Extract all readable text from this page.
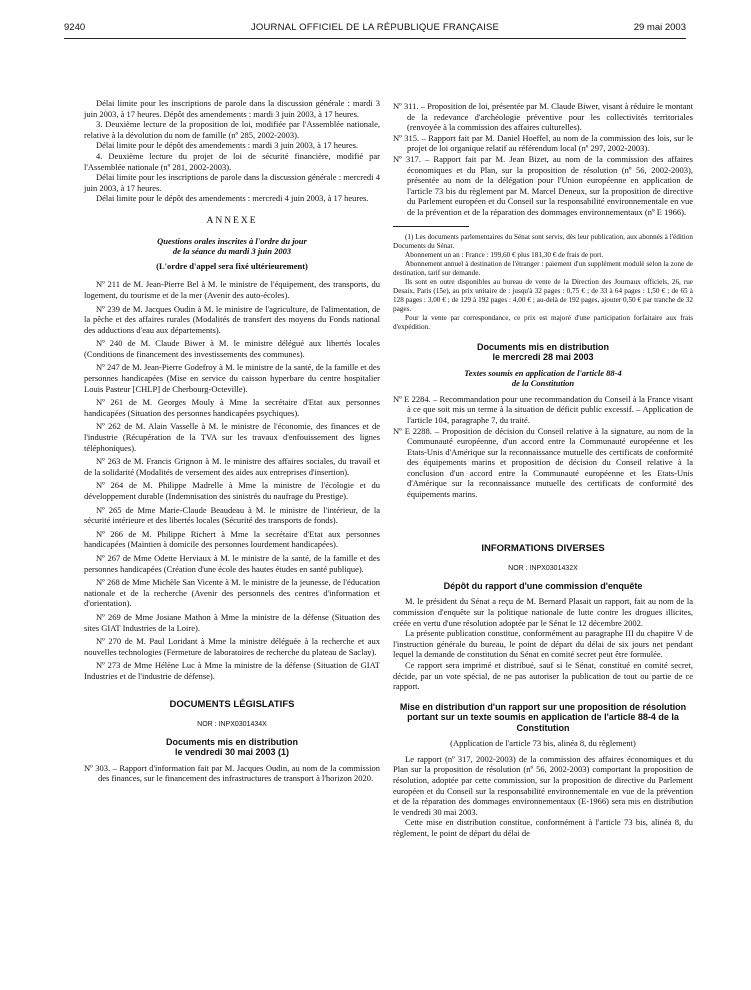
9240	JOURNAL OFFICIEL DE LA RÉPUBLIQUE FRANÇAISE	29 mai 2003

Délai limite pour les inscriptions de parole dans la discussion générale : mardi 3 juin 2003, à 17 heures. Dépôt des amendements : mardi 3 juin 2003, à 17 heures.

3. Deuxième lecture de la proposition de loi, modifiée par l'Assemblée nationale, relative à la dévolution du nom de famille (nº 285, 2002-2003).

Délai limite pour le dépôt des amendements : mardi 3 juin 2003, à 17 heures.

4. Deuxième lecture du projet de loi de sécurité financière, modifié par l'Assemblée nationale (nº 281, 2002-2003).

Délai limite pour les inscriptions de parole dans la discussion générale : mercredi 4 juin 2003, à 17 heures.

Délai limite pour le dépôt des amendements : mercredi 4 juin 2003, à 17 heures.

ANNEXE
Questions orales inscrites à l'ordre du jour
de la séance du mardi 3 juin 2003
(L'ordre d'appel sera fixé ultérieurement)

Nº 211 de M. Jean-Pierre Bel à M. le ministre de l'équipement, des transports, du logement, du tourisme et de la mer (Avenir des auto-écoles).

Nº 239 de M. Jacques Oudin à M. le ministre de l'agriculture, de l'alimentation, de la pêche et des affaires rurales (Modalités de transfert des moyens du Fonds national des adductions d'eau aux départements).

Nº 240 de M. Claude Biwer à M. le ministre délégué aux libertés locales (Conditions de financement des investissements des communes).

Nº 247 de M. Jean-Pierre Godefroy à M. le ministre de la santé, de la famille et des personnes handicapées (Mise en service du caisson hyperbare du centre hospitalier Louis Pasteur [CHLP] de Cherbourg-Octeville).

Nº 261 de M. Georges Mouly à Mme la secrétaire d'Etat aux personnes handicapées (Situation des personnes handicapées psychiques).

Nº 262 de M. Alain Vasselle à M. le ministre de l'économie, des finances et de l'industrie (Récupération de la TVA sur les travaux d'enfouissement des lignes téléphoniques).

Nº 263 de M. Francis Grignon à M. le ministre des affaires sociales, du travail et de la solidarité (Modalités de versement des aides aux entreprises d'insertion).

Nº 264 de M. Philippe Madrelle à Mme la ministre de l'écologie et du développement durable (Indemnisation des sinistrés du naufrage du Prestige).

Nº 265 de Mme Marie-Claude Beaudeau à M. le ministre de l'intérieur, de la sécurité intérieure et des libertés locales (Sécurité des transports de fonds).

Nº 266 de M. Philippe Richert à Mme la secrétaire d'Etat aux personnes handicapées (Maintien à domicile des personnes lourdement handicapées).

Nº 267 de Mme Odette Herviaux à M. le ministre de la santé, de la famille et des personnes handicapées (Création d'une école des hautes études en santé publique).

Nº 268 de Mme Michèle San Vicente à M. le ministre de la jeunesse, de l'éducation nationale et de la recherche (Avenir des personnels des centres d'information et d'orientation).

Nº 269 de Mme Josiane Mathon à Mme la ministre de la défense (Situation des sites GIAT Industries de la Loire).

Nº 270 de M. Paul Loridant à Mme la ministre déléguée à la recherche et aux nouvelles technologies (Fermeture de laboratoires de recherche du plateau de Saclay).

Nº 273 de Mme Hélène Luc à Mme la ministre de la défense (Situation de GIAT Industries et de l'industrie de défense).

DOCUMENTS LÉGISLATIFS
NOR : INPX0301434X
Documents mis en distribution
le vendredi 30 mai 2003 (1)

Nº 303. – Rapport d'information fait par M. Jacques Oudin, au nom de la commission des finances, sur le financement des infrastructures de transport à l'horizon 2020.

Nº 311. – Proposition de loi, présentée par M. Claude Biwer, visant à réduire le montant de la redevance d'archéologie préventive pour les collectivités territoriales (renvoyée à la commission des affaires culturelles).

Nº 315. – Rapport fait par M. Daniel Hoeffel, au nom de la commission des lois, sur le projet de loi organique relatif au référendum local (nº 297, 2002-2003).

Nº 317. – Rapport fait par M. Jean Bizet, au nom de la commission des affaires économiques et du Plan, sur la proposition de résolution (nº 56, 2002-2003), présentée au nom de la délégation pour l'Union européenne en application de l'article 73 bis du règlement par M. Marcel Deneux, sur la proposition de directive du Parlement européen et du Conseil sur la responsabilité environnementale en vue de la prévention et de la réparation des dommages environnementaux (nº E 1966).

(1) Les documents parlementaires du Sénat sont servis, dès leur publication, aux abonnés à l'édition Documents du Sénat.

Abonnement un an : France : 199,60 € plus 181,30 € de frais de port.

Abonnement annuel à destination de l'étranger : paiement d'un supplément modulé selon la zone de destination, tarif sur demande.

Ils sont en outre disponibles au bureau de vente de la Direction des Journaux officiels, 26, rue Desaix, Paris (15e), au prix unitaire de : jusqu'à 32 pages : 0,75 € ; de 33 à 64 pages : 1,50 € ; de 65 à 128 pages : 3,00 € ; de 129 à 192 pages : 4,00 € ; au-delà de 192 pages, ajouter 0,50 € par tranche de 32 pages.

Pour la vente par correspondance, ce prix est majoré d'une participation forfaitaire aux frais d'expédition.

Documents mis en distribution
le mercredi 28 mai 2003
Textes soumis en application de l'article 88-4
de la Constitution

Nº E 2284. – Recommandation pour une recommandation du Conseil à la France visant à ce que soit mis un terme à la situation de déficit public excessif. – Application de l'article 104, paragraphe 7, du traité.

Nº E 2288. – Proposition de décision du Conseil relative à la signature, au nom de la Communauté européenne, d'un accord entre la Communauté européenne et les Etats-Unis d'Amérique sur la reconnaissance mutuelle des certificats de conformité des équipements marins et proposition de décision du Conseil relative à la conclusion d'un accord entre la Communauté européenne et les Etats-Unis d'Amérique sur la reconnaissance mutuelle des certificats de conformité des équipements marins.

INFORMATIONS DIVERSES
NOR : INPX0301432X
Dépôt du rapport d'une commission d'enquête

M. le président du Sénat a reçu de M. Bernard Plasait un rapport, fait au nom de la commission d'enquête sur la politique nationale de lutte contre les drogues illicites, créée en vertu d'une résolution adoptée par le Sénat le 12 décembre 2002.

La présente publication constitue, conformément au paragraphe III du chapitre V de l'instruction générale du bureau, le point de départ du délai de six jours net pendant lequel la demande de constitution du Sénat en comité secret peut être formulée.

Ce rapport sera imprimé et distribué, sauf si le Sénat, constitué en comité secret, décide, par un vote spécial, de ne pas autoriser la publication de tout ou partie de ce rapport.

Mise en distribution d'un rapport sur une proposition de résolution portant sur un texte soumis en application de l'article 88-4 de la Constitution
(Application de l'article 73 bis, alinéa 8, du règlement)

Le rapport (nº 317, 2002-2003) de la commission des affaires économiques et du Plan sur la proposition de résolution (nº 56, 2002-2003) comportant la proposition de résolution, adoptée par cette commission, sur la proposition de directive du Parlement européen et du Conseil sur la responsabilité environnementale en vue de la prévention et de la réparation des dommages environnementaux (E-1966) sera mis en distribution le vendredi 30 mai 2003.

Cette mise en distribution constitue, conformément à l'article 73 bis, alinéa 8, du règlement, le point de départ du délai de
